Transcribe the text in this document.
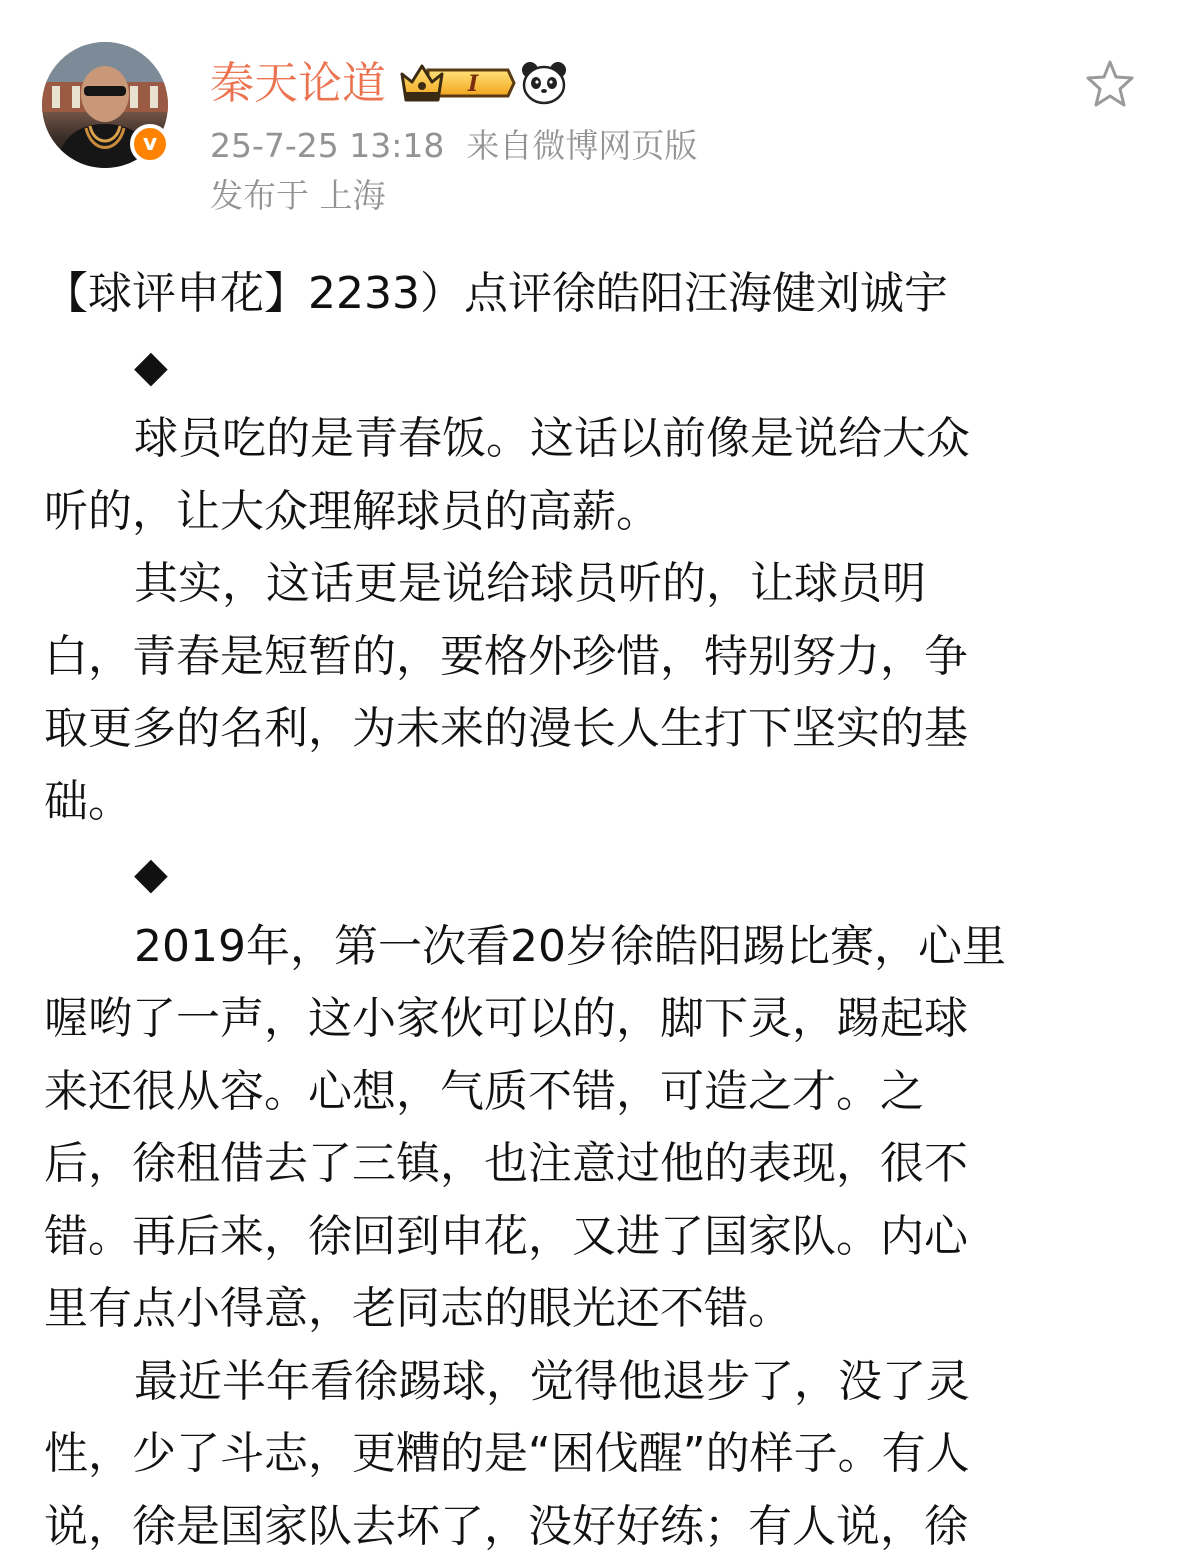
v
秦天论道	I
25-7-25 13:18 来自微博网页版
发布于 上海
【球评申花】2233）点评徐皓阳汪海健刘诚宇
◆
球员吃的是青春饭。这话以前像是说给大众
听的，让大众理解球员的高薪。
其实，这话更是说给球员听的，让球员明
白，青春是短暂的，要格外珍惜，特别努力，争
取更多的名利，为未来的漫长人生打下坚实的基
础。
◆
2019年，第一次看20岁徐皓阳踢比赛，心里
喔哟了一声，这小家伙可以的，脚下灵，踢起球
来还很从容。心想，气质不错，可造之才。之
后，徐租借去了三镇，也注意过他的表现，很不
错。再后来，徐回到申花，又进了国家队。内心
里有点小得意，老同志的眼光还不错。
最近半年看徐踢球，觉得他退步了，没了灵
性，少了斗志，更糟的是“困伐醒”的样子。有人
说，徐是国家队去坏了，没好好练；有人说，徐
